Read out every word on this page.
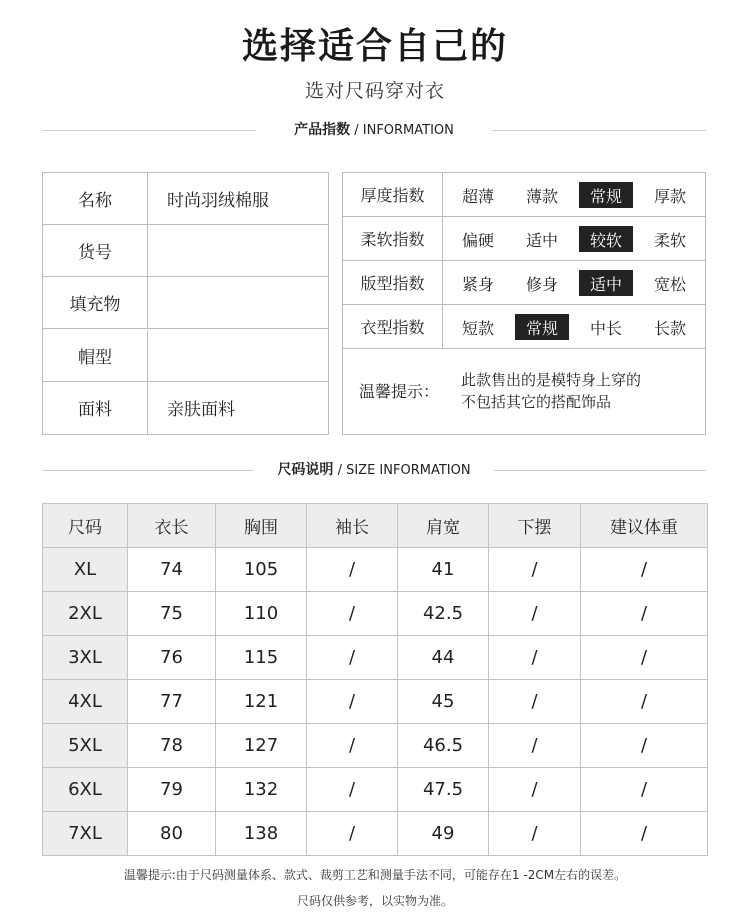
选择适合自己的
选对尺码穿对衣
产品指数 / INFORMATION
名称	时尚羽绒棉服
货号
填充物
帽型
面料	亲肤面料
温馨提示：
此款售出的是模特身上穿的
不包括其它的搭配饰品
厚度指数	超薄	薄款	常规	厚款
柔软指数	偏硬	适中	较软	柔软
版型指数	紧身	修身	适中	宽松
衣型指数	短款	常规	中长	长款
尺码说明 / SIZE INFORMATION
尺码	衣长	胸围	袖长	肩宽	下摆	建议体重
XL	74	105	/	41	/	/
2XL	75	110	/	42.5	/	/
3XL	76	115	/	44	/	/
4XL	77	121	/	45	/	/
5XL	78	127	/	46.5	/	/
6XL	79	132	/	47.5	/	/
7XL	80	138	/	49	/	/
温馨提示:由于尺码测量体系、款式、裁剪工艺和测量手法不同，可能存在1 -2CM左右的误差。
尺码仅供参考，以实物为准。
